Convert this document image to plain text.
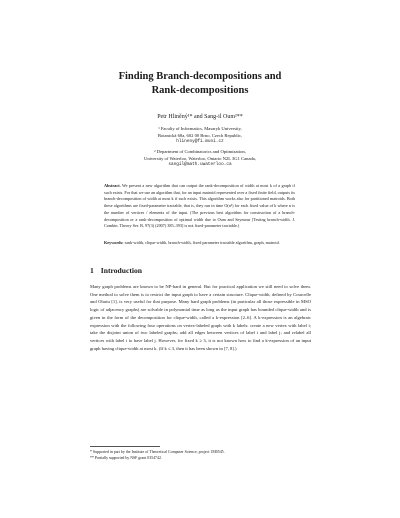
Finding Branch-decompositions and
Rank-decompositions
Petr Hliněný¹* and Sang-il Oum²**
¹ Faculty of Informatics, Masaryk University,
Botanická 68a, 602 00 Brno, Czech Republic,
hlineny@fi.muni.cz
² Department of Combinatorics and Optimization,
University of Waterloo, Waterloo, Ontario N2L 3G1 Canada,
sangil@math.uwaterloo.ca
Abstract. We present a new algorithm that can output the rank-decomposition of width at most k of a graph if such exists. For that we use an algorithm that, for an input matroid represented over a fixed finite field, outputs its branch-decomposition of width at most k if such exists. This algorithm works also for partitioned matroids. Both these algorithms are fixed-parameter tractable, that is, they run in time O(n³) for each fixed value of k where n is the number of vertices / elements of the input. (The previous best algorithm for construction of a branch-decomposition or a rank-decomposition of optimal width due to Oum and Seymour [Testing branch-width. J. Combin. Theory Ser. B, 97(3) (2007) 385–393] is not fixed-parameter tractable.)
Keywords: rank-width, clique-width, branch-width, fixed parameter tractable algorithm, graph, matroid.
1 Introduction
Many graph problems are known to be NP-hard in general. But for practical application we still need to solve them. One method to solve them is to restrict the input graph to have a certain structure. Clique-width, defined by Courcelle and Olariu [1], is very useful for that purpose. Many hard graph problems (in particular all those expressible in MSO logic of adjacency graphs) are solvable in polynomial time as long as the input graph has bounded clique-width and is given in the form of the decomposition for clique-width, called a k-expression [2–6]. A k-expression is an algebraic expression with the following four operations on vertex-labeled graph with k labels: create a new vertex with label i; take the disjoint union of two labeled graphs; add all edges between vertices of label i and label j; and relabel all vertices with label i to have label j. However, for fixed k ≥ 3, it is not known how to find a k-expression of an input graph having clique-width at most k. (If k ≤ 3, then it has been shown in [7, 8].)
* Supported in part by the Institute of Theoretical Computer Science, project 1M0545.
** Partially supported by NSF grant 0354742.
